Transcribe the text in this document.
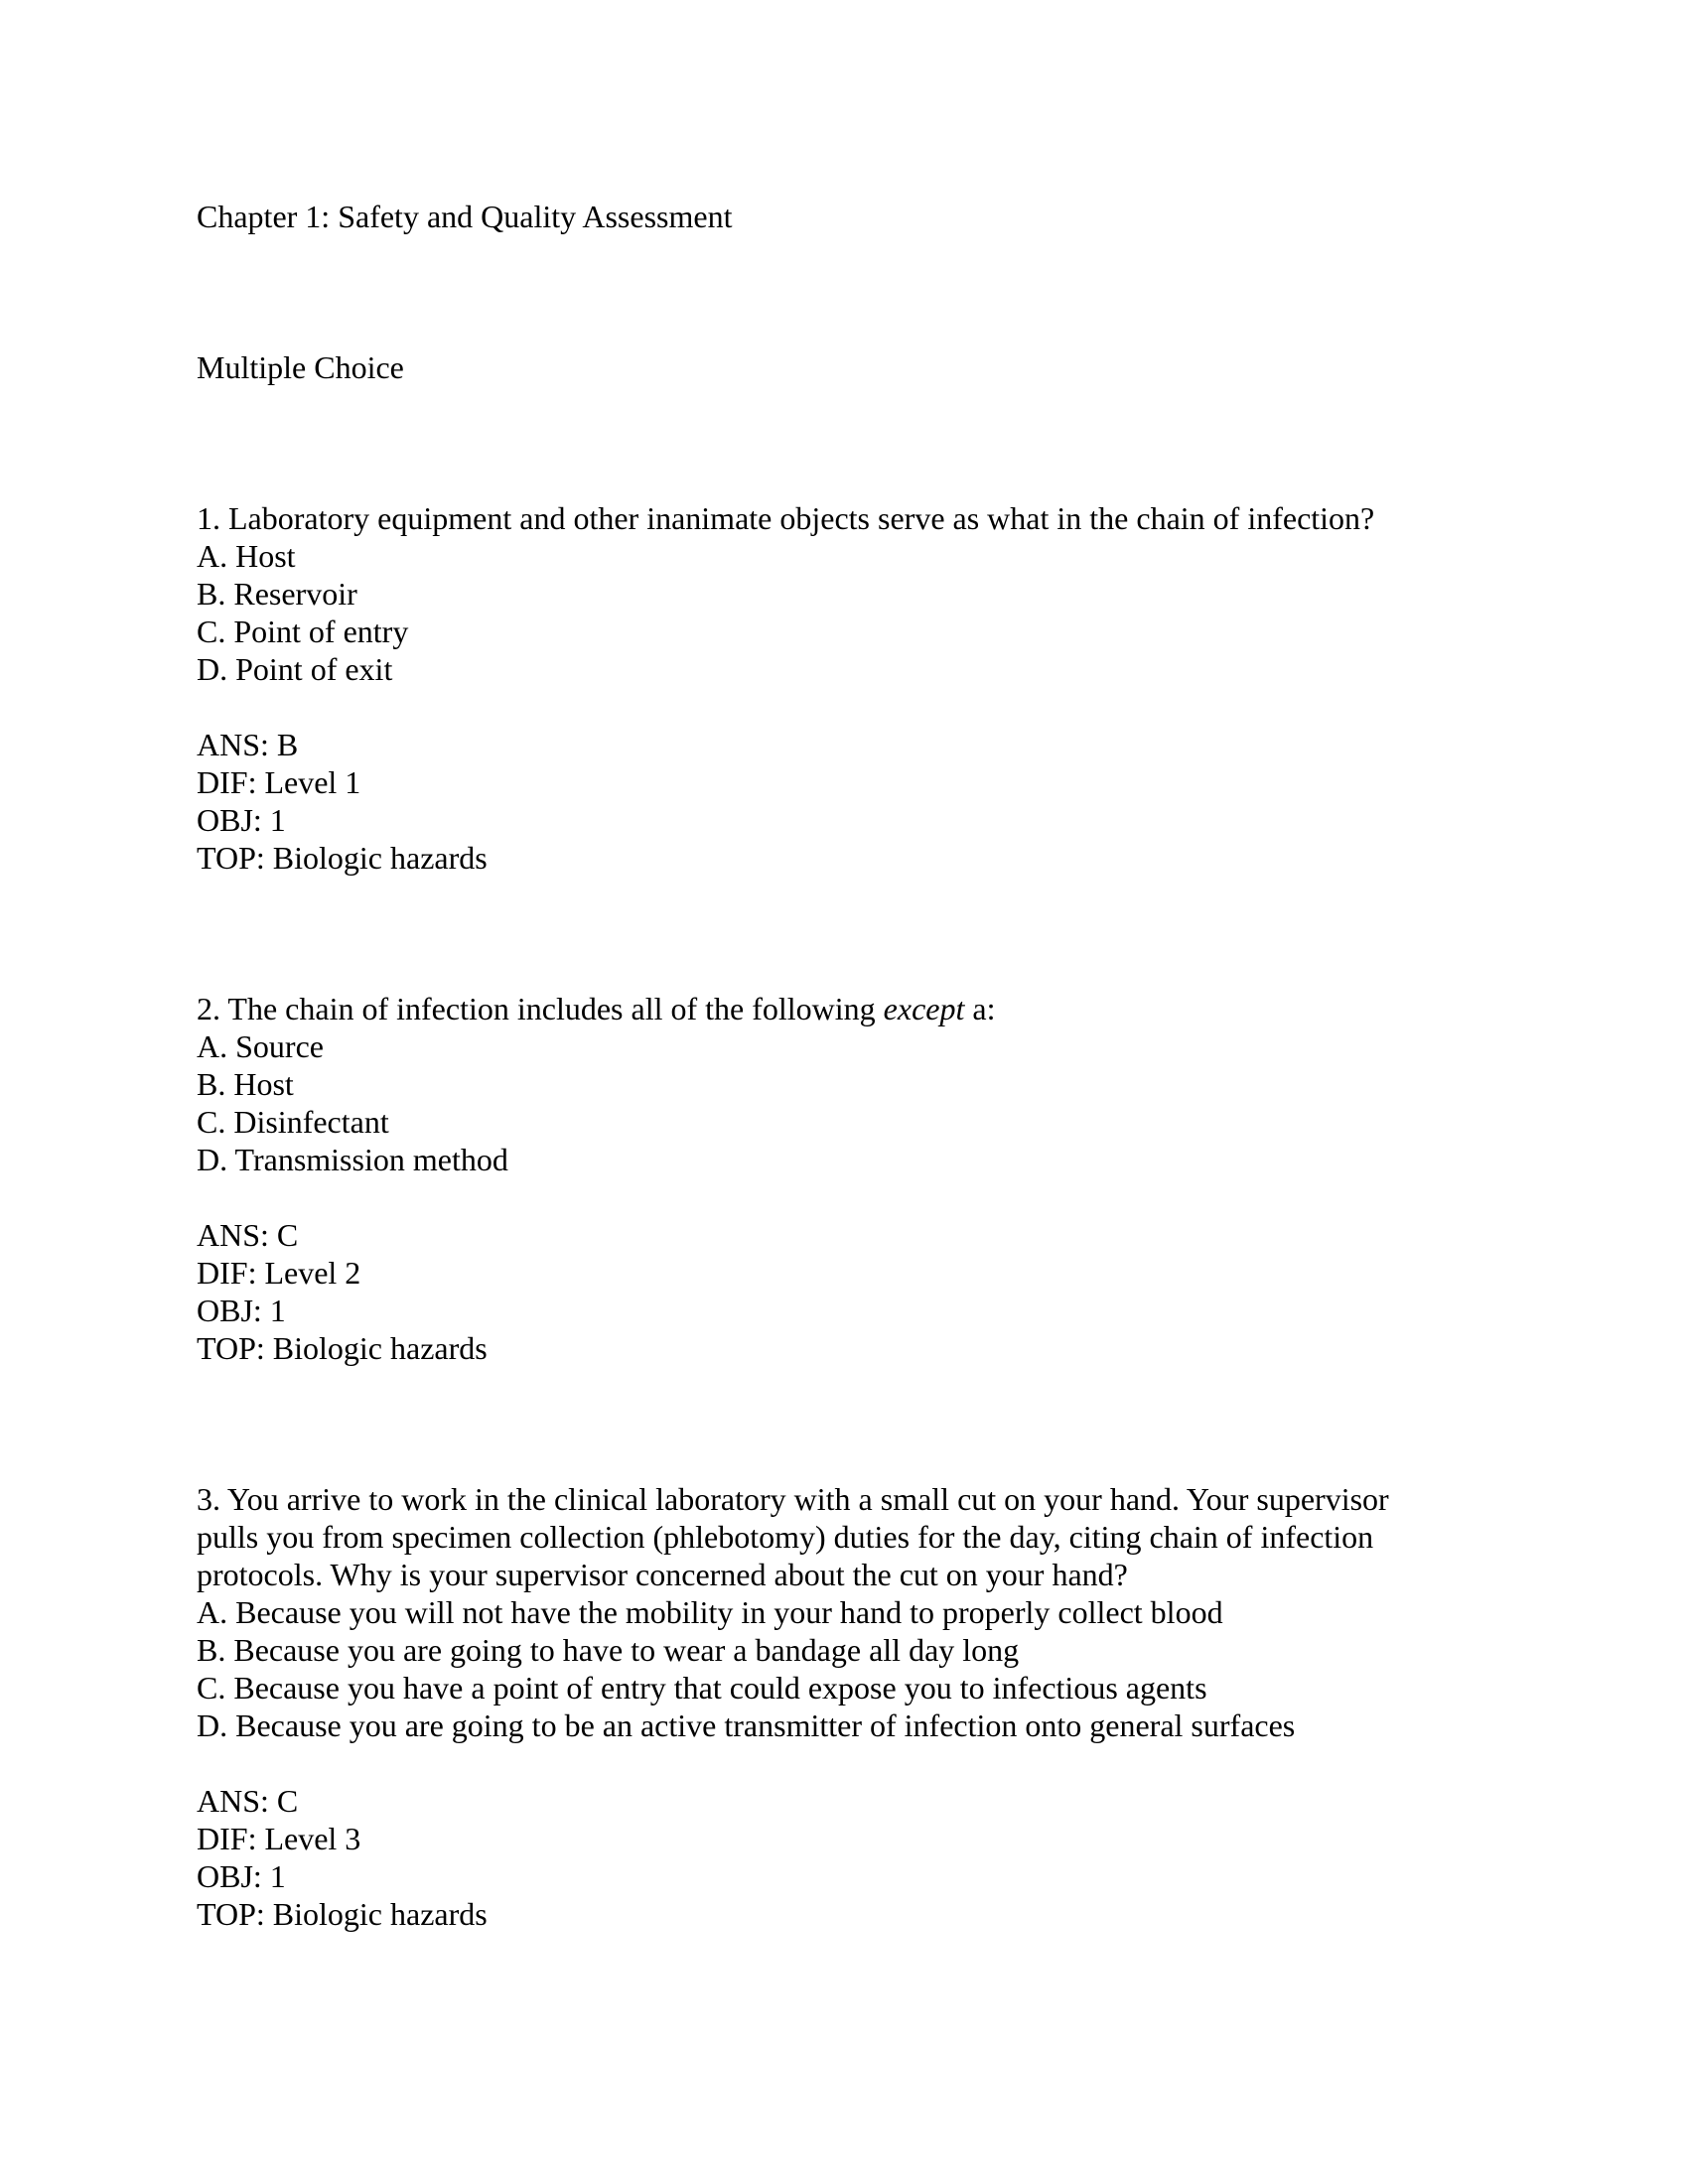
Chapter 1: Safety and Quality Assessment
Multiple Choice
1. Laboratory equipment and other inanimate objects serve as what in the chain of infection?
A. Host
B. Reservoir
C. Point of entry
D. Point of exit
ANS: B
DIF: Level 1
OBJ: 1
TOP: Biologic hazards
2. The chain of infection includes all of the following except a:
A. Source
B. Host
C. Disinfectant
D. Transmission method
ANS: C
DIF: Level 2
OBJ: 1
TOP: Biologic hazards
3. You arrive to work in the clinical laboratory with a small cut on your hand. Your supervisor
pulls you from specimen collection (phlebotomy) duties for the day, citing chain of infection
protocols. Why is your supervisor concerned about the cut on your hand?
A. Because you will not have the mobility in your hand to properly collect blood
B. Because you are going to have to wear a bandage all day long
C. Because you have a point of entry that could expose you to infectious agents
D. Because you are going to be an active transmitter of infection onto general surfaces
ANS: C
DIF: Level 3
OBJ: 1
TOP: Biologic hazards
